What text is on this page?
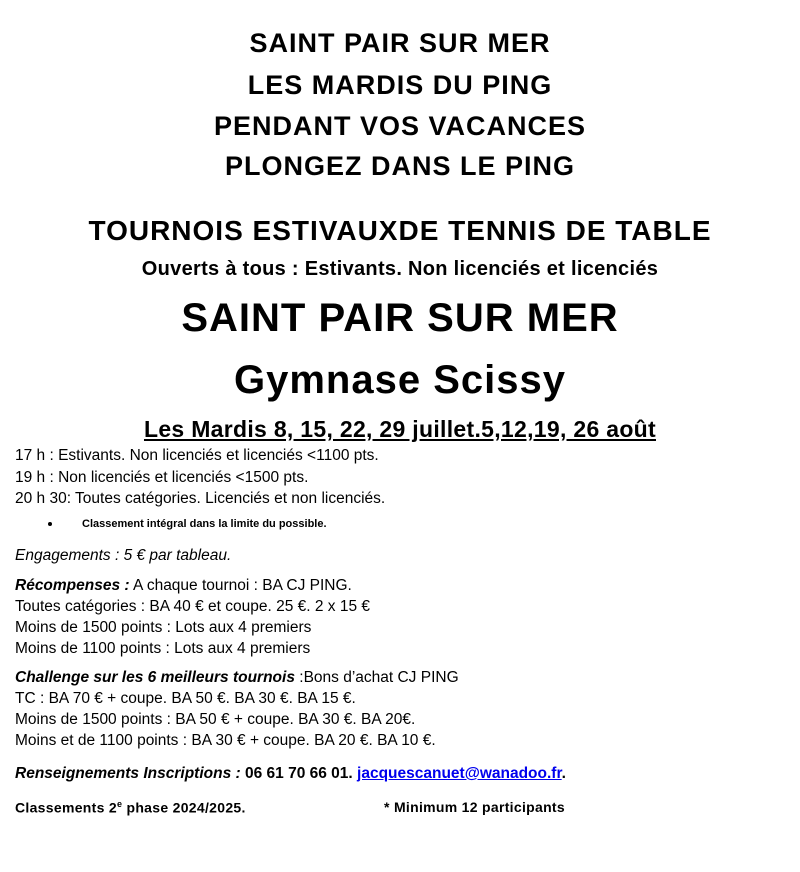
SAINT PAIR SUR MER
LES MARDIS DU PING
PENDANT VOS VACANCES
PLONGEZ DANS LE PING
TOURNOIS ESTIVAUXDE TENNIS DE TABLE
Ouverts à tous : Estivants. Non licenciés et licenciés
SAINT PAIR SUR MER
Gymnase Scissy
Les Mardis 8, 15, 22, 29 juillet.5,12,19, 26 août
17 h : Estivants. Non licenciés et licenciés <1100 pts.
19 h : Non licenciés et licenciés <1500 pts.
20 h 30: Toutes catégories. Licenciés et non licenciés.
Classement intégral dans la limite du possible.
Engagements : 5 € par tableau.
Récompenses : A chaque tournoi : BA CJ PING.
Toutes catégories : BA 40 € et coupe. 25 €. 2 x 15 €
Moins de 1500 points : Lots aux 4 premiers
Moins de 1100 points : Lots aux 4 premiers
Challenge sur les 6 meilleurs tournois :Bons d’achat CJ PING
TC : BA 70 € + coupe. BA 50 €. BA 30 €. BA 15 €.
Moins de 1500 points : BA 50 € + coupe. BA 30 €. BA 20€.
Moins et de 1100 points : BA 30 € + coupe. BA 20 €. BA 10 €.
Renseignements Inscriptions : 06 61 70 66 01. jacquescanuet@wanadoo.fr.
Classements 2e phase 2024/2025.	* Minimum 12 participants
